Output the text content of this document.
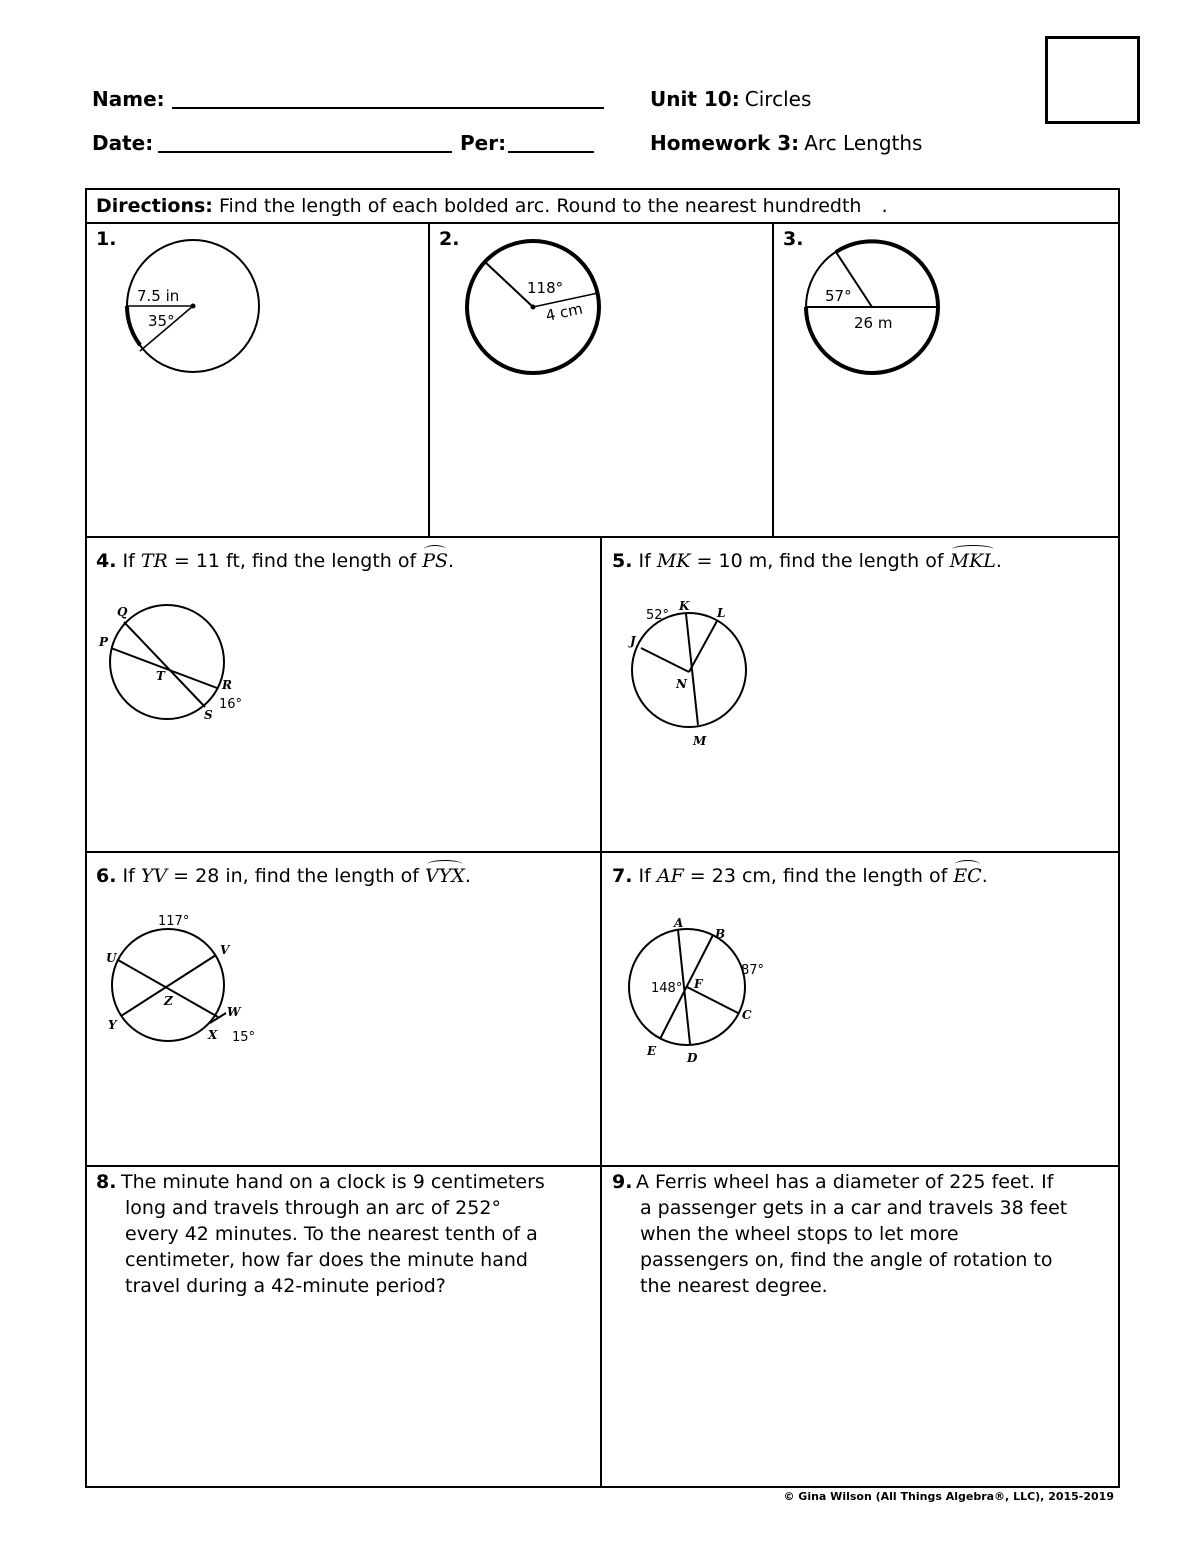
Name:
Date:	Per:
Unit 10: Circles
Homework 3: Arc Lengths
Directions: Find the length of each bolded arc. Round to the nearest hundredth .
1.
7.5 in
35°
2.
118°
4 cm
3.
57°
26 m
4. If TR = 11 ft, find the length of PS.
Q
P
T
R
S
16°
5. If MK = 10 m, find the length of MKL.
52°
K L
J
N
M
6. If YV = 28 in, find the length of VYX.
117°
U
V
Z
W
Y
X 15°
7. If AF = 23 cm, find the length of EC.
A
B
87°
148° F
C
E	D
8. The minute hand on a clock is 9 centimeters
long and travels through an arc of 252°
every 42 minutes. To the nearest tenth of a
centimeter, how far does the minute hand
travel during a 42-minute period?
9. A Ferris wheel has a diameter of 225 feet. If
a passenger gets in a car and travels 38 feet
when the wheel stops to let more
passengers on, find the angle of rotation to
the nearest degree.
© Gina Wilson (All Things Algebra®, LLC), 2015-2019
